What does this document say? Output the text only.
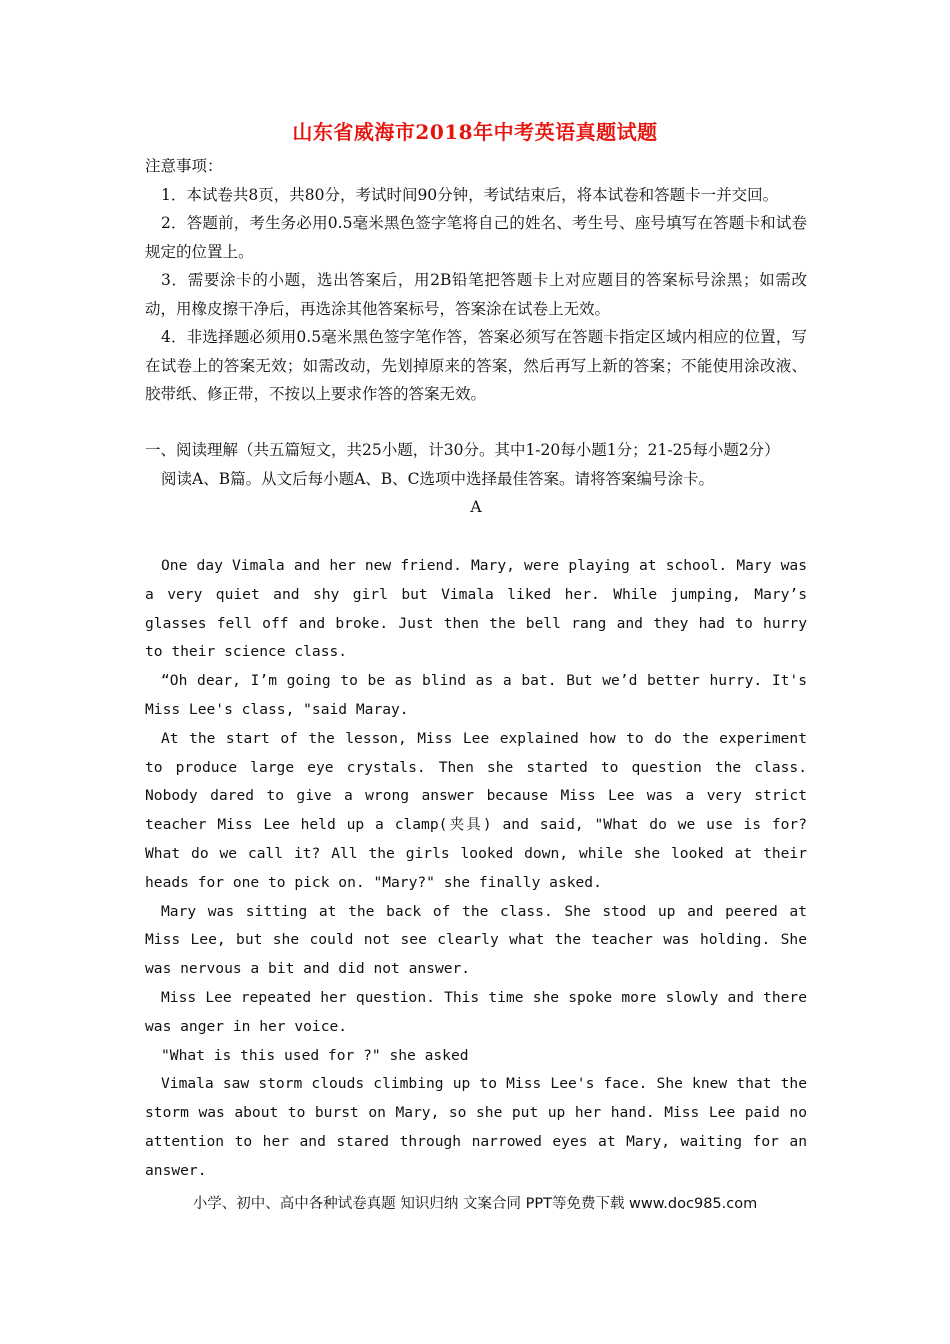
山东省威海市2018年中考英语真题试题

注意事项：

1．本试卷共8页，共80分，考试时间90分钟，考试结束后，将本试卷和答题卡一并交回。

2．答题前，考生务必用0.5毫米黑色签字笔将自己的姓名、考生号、座号填写在答题卡和试卷规定的位置上。

3．需要涂卡的小题，选出答案后，用2B铅笔把答题卡上对应题目的答案标号涂黑；如需改动，用橡皮擦干净后，再选涂其他答案标号，答案涂在试卷上无效。

4．非选择题必须用0.5毫米黑色签字笔作答，答案必须写在答题卡指定区域内相应的位置，写在试卷上的答案无效；如需改动，先划掉原来的答案，然后再写上新的答案；不能使用涂改液、胶带纸、修正带，不按以上要求作答的答案无效。

一、阅读理解（共五篇短文，共25小题，计30分。其中1-20每小题1分；21-25每小题2分）

阅读A、B篇。从文后每小题A、B、C选项中选择最佳答案。请将答案编号涂卡。

A

One day Vimala and her new friend. Mary, were playing at school. Mary was a very quiet and shy girl but Vimala liked her. While jumping, Mary’s glasses fell off and broke. Just then the bell rang and they had to hurry to their science class.

“Oh dear, I’m going to be as blind as a bat. But we’d better hurry. It's Miss Lee's class, "said Maray.

At the start of the lesson, Miss Lee explained how to do the experiment to produce large eye crystals. Then she started to question the class. Nobody dared to give a wrong answer because Miss Lee was a very strict teacher Miss Lee held up a clamp(夹具) and said, "What do we use is for? What do we call it? All the girls looked down, while she looked at their heads for one to pick on. "Mary?" she finally asked.

Mary was sitting at the back of the class. She stood up and peered at Miss Lee, but she could not see clearly what the teacher was holding. She was nervous a bit and did not answer.

Miss Lee repeated her question. This time she spoke more slowly and there was anger in her voice.

"What is this used for ?" she asked

Vimala saw storm clouds climbing up to Miss Lee's face. She knew that the storm was about to burst on Mary, so she put up her hand. Miss Lee paid no attention to her and stared through narrowed eyes at Mary, waiting for an answer.

小学、初中、高中各种试卷真题 知识归纳 文案合同 PPT等免费下载 www.doc985.com
